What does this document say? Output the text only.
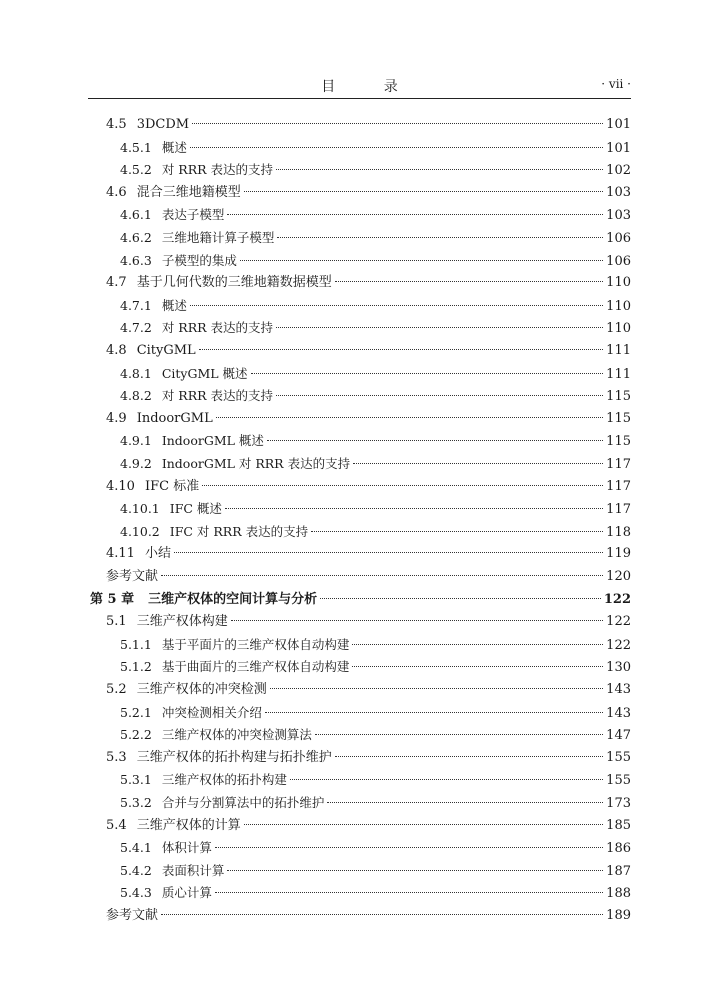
目 录	· vii ·
4.5 3DCDM	101
4.5.1 概述	101
4.5.2 对 RRR 表达的支持	102
4.6 混合三维地籍模型	103
4.6.1 表达子模型	103
4.6.2 三维地籍计算子模型	106
4.6.3 子模型的集成	106
4.7 基于几何代数的三维地籍数据模型	110
4.7.1 概述	110
4.7.2 对 RRR 表达的支持	110
4.8 CityGML	111
4.8.1 CityGML 概述	111
4.8.2 对 RRR 表达的支持	115
4.9 IndoorGML	115
4.9.1 IndoorGML 概述	115
4.9.2 IndoorGML 对 RRR 表达的支持	117
4.10 IFC 标准	117
4.10.1 IFC 概述	117
4.10.2 IFC 对 RRR 表达的支持	118
4.11 小结	119
参考文献	120
第 5 章 三维产权体的空间计算与分析	122
5.1 三维产权体构建	122
5.1.1 基于平面片的三维产权体自动构建	122
5.1.2 基于曲面片的三维产权体自动构建	130
5.2 三维产权体的冲突检测	143
5.2.1 冲突检测相关介绍	143
5.2.2 三维产权体的冲突检测算法	147
5.3 三维产权体的拓扑构建与拓扑维护	155
5.3.1 三维产权体的拓扑构建	155
5.3.2 合并与分割算法中的拓扑维护	173
5.4 三维产权体的计算	185
5.4.1 体积计算	186
5.4.2 表面积计算	187
5.4.3 质心计算	188
参考文献	189
